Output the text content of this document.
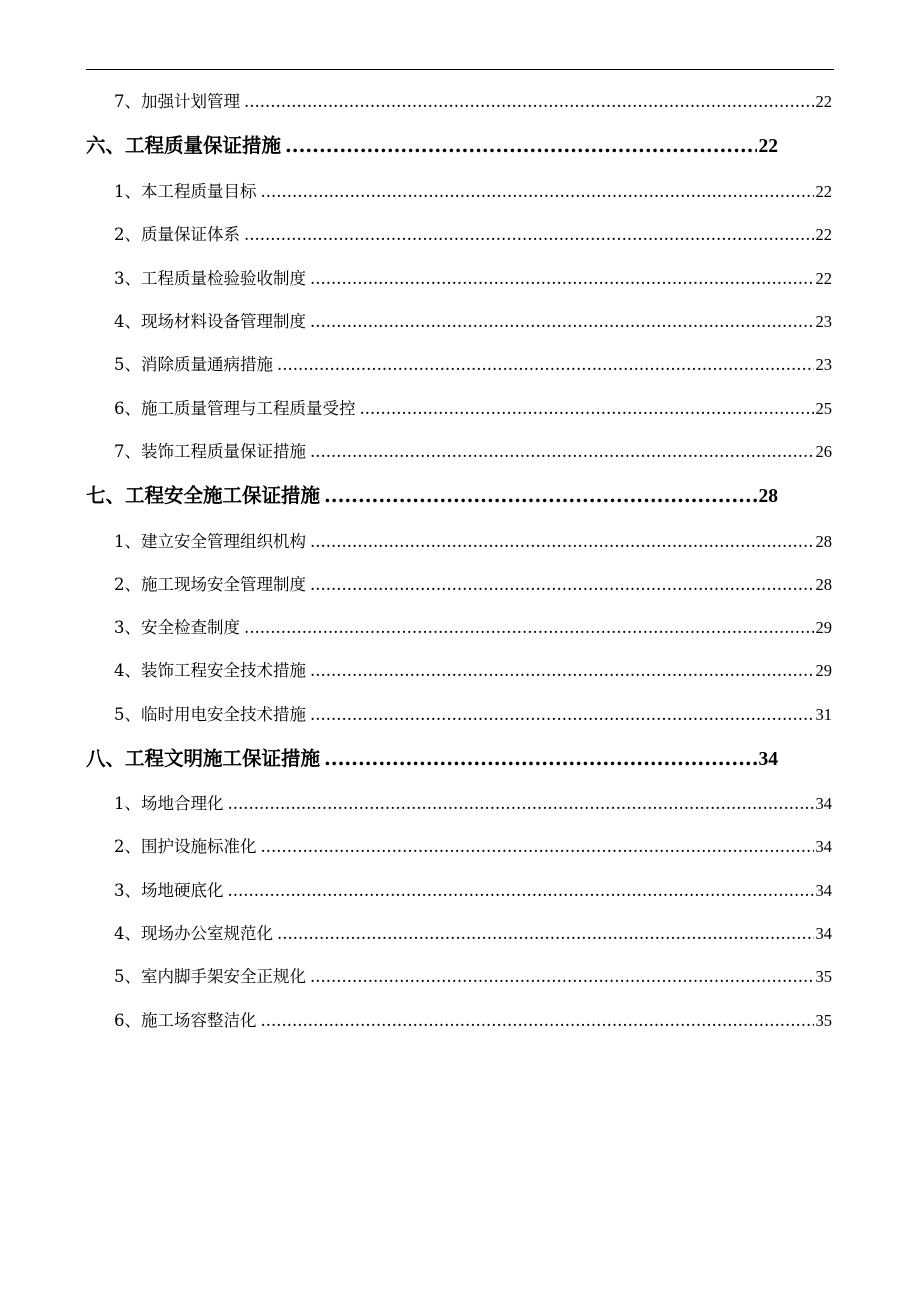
7、加强计划管理 .....	22
六、工程质量保证措施 .....	22
1、本工程质量目标 .....	22
2、质量保证体系 .....	22
3、工程质量检验验收制度 .....	22
4、现场材料设备管理制度 .....	23
5、消除质量通病措施 .....	23
6、施工质量管理与工程质量受控 .....	25
7、装饰工程质量保证措施 .....	26
七、工程安全施工保证措施 .....	28
1、建立安全管理组织机构 .....	28
2、施工现场安全管理制度 .....	28
3、安全检查制度 .....	29
4、装饰工程安全技术措施 .....	29
5、临时用电安全技术措施 .....	31
八、工程文明施工保证措施 .....	34
1、场地合理化 .....	34
2、围护设施标准化 .....	34
3、场地硬底化 .....	34
4、现场办公室规范化 .....	34
5、室内脚手架安全正规化 .....	35
6、施工场容整洁化 .....	35
